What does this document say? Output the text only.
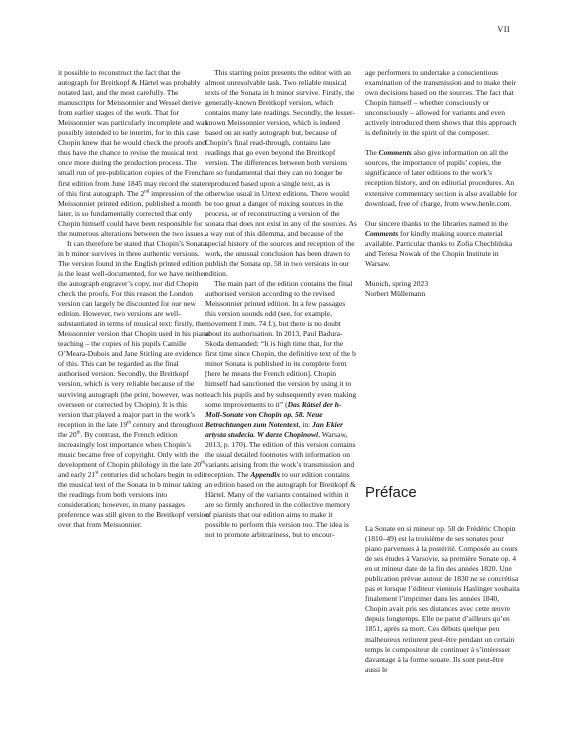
VII

it possible to reconstruct the fact that the autograph for Breitkopf & Härtel was probably notated last, and the most carefully. The manuscripts for Meissonnier and Wessel derive from earlier stages of the work. That for Meissonnier was particularly incomplete and was possibly intended to be interim, for in this case Chopin knew that he would check the proofs and thus have the chance to revise the musical text once more during the production process. The small run of pre-publication copies of the French first edition from June 1845 may record the state of this first autograph. The 2nd impression of the Meissonnier printed edition, published a month later, is so fundamentally corrected that only Chopin himself could have been responsible for the numerous alterations between the two issues.

It can therefore be stated that Chopin’s Sonata in b minor survives in three authentic versions. The version found in the English printed edition is the least well-documented, for we have neither the autograph engraver’s copy, nor did Chopin check the proofs. For this reason the London version can largely be discounted for our new edition. However, two versions are well-substantiated in terms of musical text: firstly, the Meissonnier version that Chopin used in his piano teaching – the copies of his pupils Camille O’Meara-Dubois and Jane Stirling are evidence of this. This can be regarded as the final authorised version. Secondly, the Breitkopf version, which is very reliable because of the surviving autograph (the print, however, was not overseen or corrected by Chopin). It is this version that played a major part in the work’s reception in the late 19th century and throughout the 20th. By contrast, the French edition increasingly lost importance when Chopin’s music became free of copyright. Only with the development of Chopin philology in the late 20th and early 21st centuries did scholars begin to edit the musical text of the Sonata in b minor taking the readings from both versions into consideration; however, in many passages preference was still given to the Breitkopf version over that from Meissonnier.

This starting point presents the editor with an almost unresolvable task. Two reliable musical texts of the Sonata in b minor survive. Firstly, the generally-known Breitkopf version, which contains many late readings. Secondly, the lesser-known Meissonnier version, which is indeed based on an early autograph but, because of Chopin’s final read-through, contains late readings that go even beyond the Breitkopf version. The differences between both versions are so fundamental that they can no longer be reproduced based upon a single text, as is otherwise usual in Urtext editions. There would be too great a danger of mixing sources in the process, or of reconstructing a version of the sonata that does not exist in any of the sources. As a way out of this dilemma, and because of the special history of the sources and reception of the work, the unusual conclusion has been drawn to publish the Sonata op. 58 in two versions in our edition.

The main part of the edition contains the final authorised version according to the revised Meissonnier printed edition. In a few passages this version sounds odd (see, for example, movement I mm. 74 f.), but there is no doubt about its authorisation. In 2013, Paul Badura-Skoda demanded: “It is high time that, for the first time since Chopin, the definitive text of the b minor Sonata is published in its complete form [here he means the French edition]. Chopin himself had sanctioned the version by using it to teach his pupils and by subsequently even making some improvements to it” (Das Rätsel der h-Moll-Sonate von Chopin op. 58. Neue Betrachtungen zum Notentext, in: Jan Ekier artysta studecia. W darze Chopinowi, Warsaw, 2013, p. 170). The edition of this version contains the usual detailed footnotes with information on variants arising from the work’s transmission and reception. The Appendix to our edition contains an edition based on the autograph for Breitkopf & Härtel. Many of the variants contained within it are so firmly anchored in the collective memory of pianists that our edition aims to make it possible to perform this version too. The idea is not to promote arbitrariness, but to encour-

age performers to undertake a conscientious examination of the transmission and to make their own decisions based on the sources. The fact that Chopin himself – whether consciously or unconsciously – allowed for variants and even actively introduced them shows that this approach is definitely in the spirit of the composer.

The Comments also give information on all the sources, the importance of pupils’ copies, the significance of later editions to the work’s reception history, and on editorial procedures. An extensive commentary section is also available for download, free of charge, from www.henle.com.

Our sincere thanks to the libraries named in the Comments for kindly making source material available. Particular thanks to Zofia Chechlińska and Teresa Nowak of the Chopin Institute in Warsaw.

Munich, spring 2023

Norbert Müllemann

Préface

La Sonate en si mineur op. 58 de Frédéric Chopin (1810–49) est la troisième de ses sonates pour piano parvenues à la postérité. Composée au cours de ses études à Varsovie, sa première Sonate op. 4 en ut mineur date de la fin des années 1820. Une publication prévue autour de 1830 ne se concrétisa pas et lorsque l’éditeur viennois Haslinger souhaita finalement l’imprimer dans les années 1840, Chopin avait pris ses distances avec cette œuvre depuis longtemps. Elle ne parut d’ailleurs qu’en 1851, après sa mort. Ces débuts quelque peu malheureux retinrent peut-être pendant un certain temps le compositeur de continuer à s’intéresser davantage à la forme sonate. Ils sont peut-être aussi le
